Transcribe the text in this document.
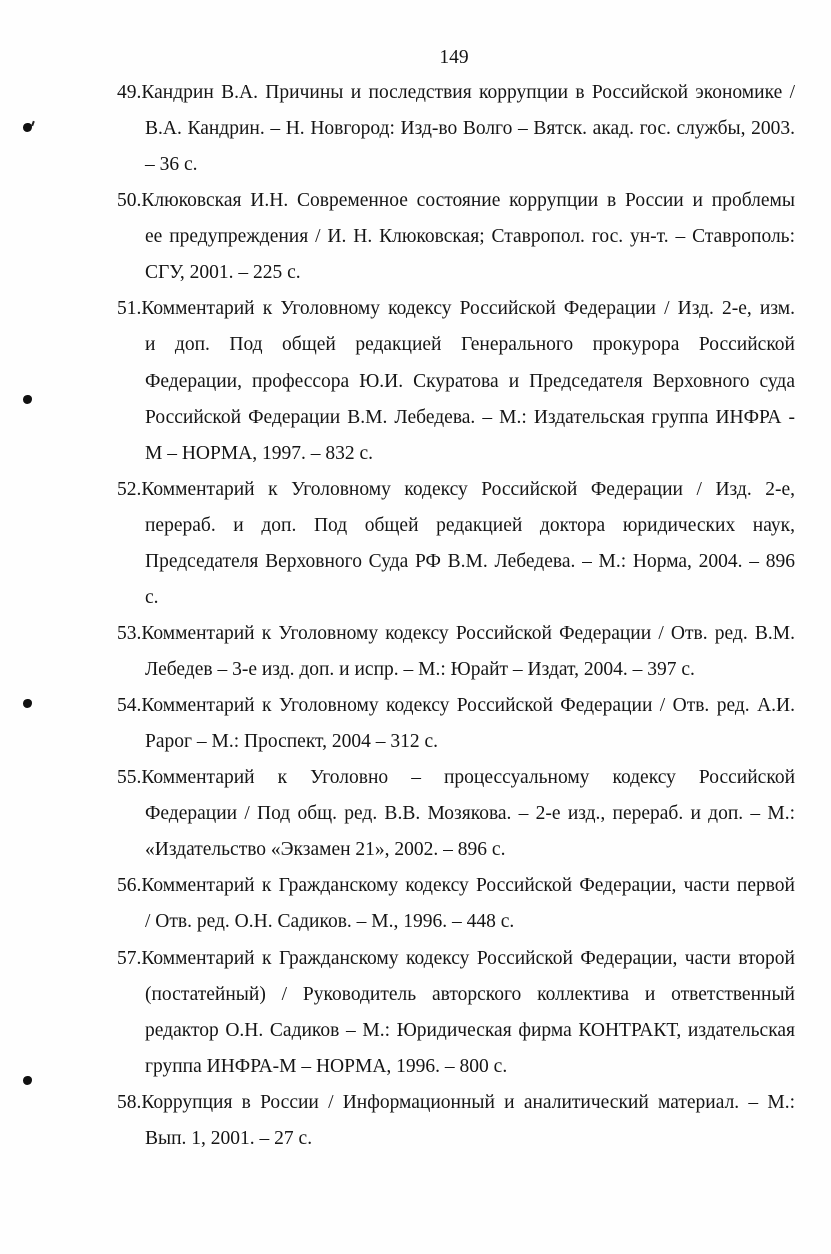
149
49.Кандрин В.А. Причины и последствия коррупции в Российской экономике /
В.А. Кандрин. – Н. Новгород: Изд-во Волго – Вятск. акад. гос. службы, 2003.
– 36 с.
50.Клюковская И.Н. Современное состояние коррупции в России и проблемы
ее предупреждения / И. Н. Клюковская; Ставропол. гос. ун-т. – Ставрополь:
СГУ, 2001. – 225 с.
51.Комментарий к Уголовному кодексу Российской Федерации / Изд. 2-е, изм.
и доп. Под общей редакцией Генерального прокурора Российской
Федерации, профессора Ю.И. Скуратова и Председателя Верховного суда
Российской Федерации В.М. Лебедева. – М.: Издательская группа ИНФРА -
М – НОРМА, 1997. – 832 с.
52.Комментарий к Уголовному кодексу Российской Федерации / Изд. 2-е,
перераб. и доп. Под общей редакцией доктора юридических наук,
Председателя Верховного Суда РФ В.М. Лебедева. – М.: Норма, 2004. – 896
с.
53.Комментарий к Уголовному кодексу Российской Федерации / Отв. ред. В.М.
Лебедев – 3-е изд. доп. и испр. – М.: Юрайт – Издат, 2004. – 397 с.
54.Комментарий к Уголовному кодексу Российской Федерации / Отв. ред. А.И.
Рарог – М.: Проспект, 2004 – 312 с.
55.Комментарий к Уголовно – процессуальному кодексу Российской
Федерации / Под общ. ред. В.В. Мозякова. – 2-е изд., перераб. и доп. – М.:
«Издательство «Экзамен 21», 2002. – 896 с.
56.Комментарий к Гражданскому кодексу Российской Федерации, части первой
/ Отв. ред. О.Н. Садиков. – М., 1996. – 448 с.
57.Комментарий к Гражданскому кодексу Российской Федерации, части второй
(постатейный) / Руководитель авторского коллектива и ответственный
редактор О.Н. Садиков – М.: Юридическая фирма КОНТРАКТ, издательская
группа ИНФРА-М – НОРМА, 1996. – 800 с.
58.Коррупция в России / Информационный и аналитический материал. – М.:
Вып. 1, 2001. – 27 с.
